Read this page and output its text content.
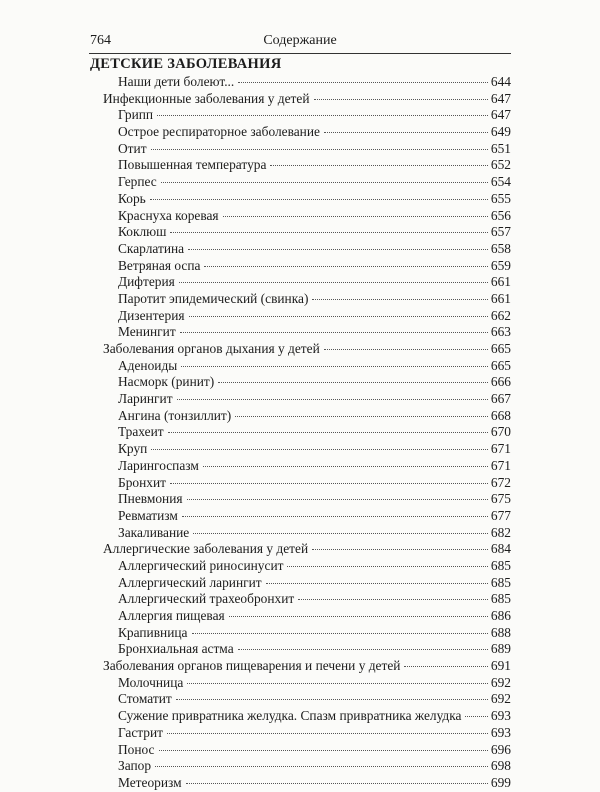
764	Содержание
ДЕТСКИЕ ЗАБОЛЕВАНИЯ
Наши дети болеют...	644
Инфекционные заболевания у детей	647
Грипп	647
Острое респираторное заболевание	649
Отит	651
Повышенная температура	652
Герпес	654
Корь	655
Краснуха коревая	656
Коклюш	657
Скарлатина	658
Ветряная оспа	659
Дифтерия	661
Паротит эпидемический (свинка)	661
Дизентерия	662
Менингит	663
Заболевания органов дыхания у детей	665
Аденоиды	665
Насморк (ринит)	666
Ларингит	667
Ангина (тонзиллит)	668
Трахеит	670
Круп	671
Ларингоспазм	671
Бронхит	672
Пневмония	675
Ревматизм	677
Закаливание	682
Аллергические заболевания у детей	684
Аллергический риносинусит	685
Аллергический ларингит	685
Аллергический трахеобронхит	685
Аллергия пищевая	686
Крапивница	688
Бронхиальная астма	689
Заболевания органов пищеварения и печени у детей	691
Молочница	692
Стоматит	692
Сужение привратника желудка. Спазм привратника желудка 693
Гастрит	693
Понос	696
Запор	698
Метеоризм	699
